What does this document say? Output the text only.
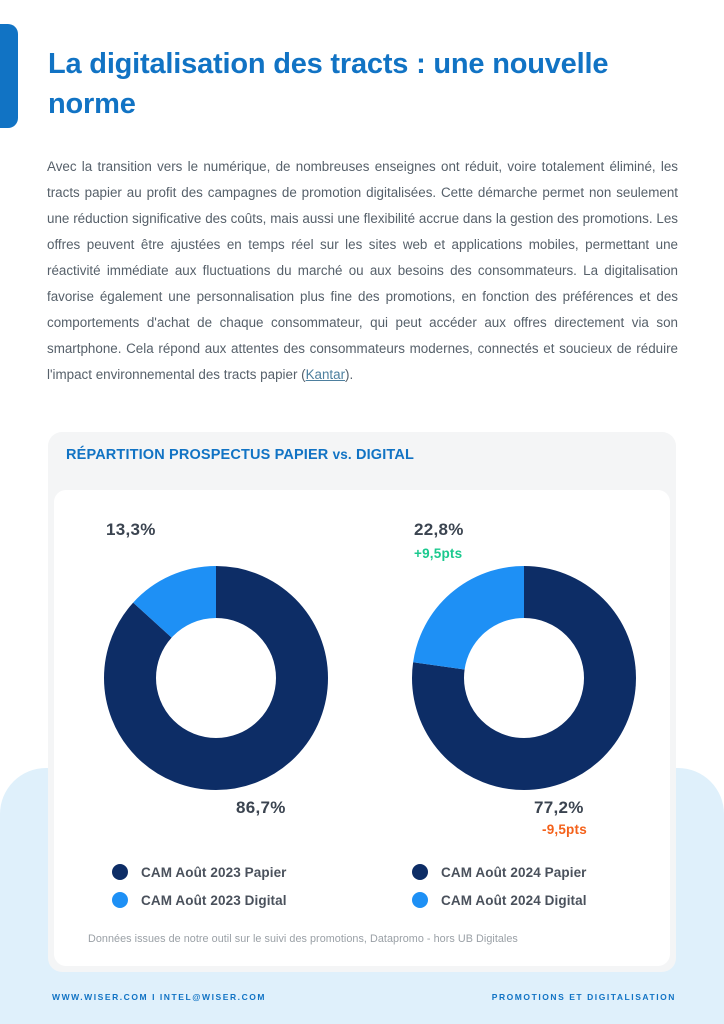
La digitalisation des tracts : une nouvelle norme

Avec la transition vers le numérique, de nombreuses enseignes ont réduit, voire totalement éliminé, les tracts papier au profit des campagnes de promotion digitalisées. Cette démarche permet non seulement une réduction significative des coûts, mais aussi une flexibilité accrue dans la gestion des promotions. Les offres peuvent être ajustées en temps réel sur les sites web et applications mobiles, permettant une réactivité immédiate aux fluctuations du marché ou aux besoins des consommateurs. La digitalisation favorise également une personnalisation plus fine des promotions, en fonction des préférences et des comportements d'achat de chaque consommateur, qui peut accéder aux offres directement via son smartphone. Cela répond aux attentes des consommateurs modernes, connectés et soucieux de réduire l'impact environnemental des tracts papier (Kantar).

RÉPARTITION PROSPECTUS PAPIER vs. DIGITAL
13,3%
86,7%
CAM Août 2023 Papier
CAM Août 2023 Digital
22,8%
+9,5pts
77,2%
-9,5pts
CAM Août 2024 Papier
CAM Août 2024 Digital
Données issues de notre outil sur le suivi des promotions, Datapromo - hors UB Digitales
WWW.WISER.COM I INTEL@WISER.COM	PROMOTIONS ET DIGITALISATION
